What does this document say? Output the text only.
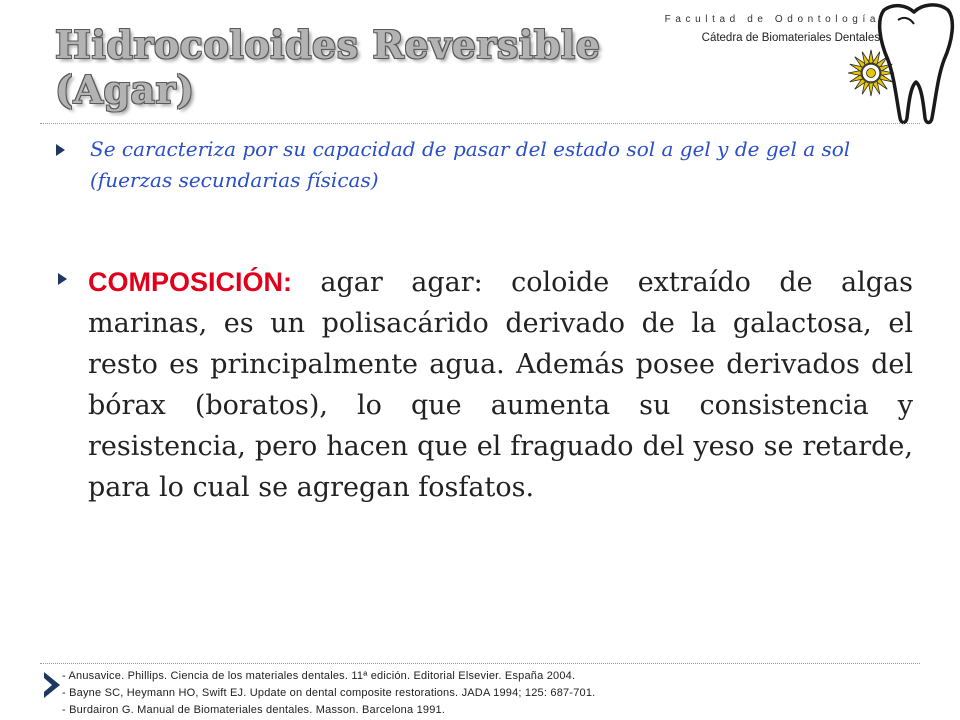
Hidrocoloides Reversible
(Agar)
Facultad de Odontología
Cátedra de Biomateriales Dentales

Se caracteriza por su capacidad de pasar del estado sol a gel y de gel a sol (fuerzas secundarias físicas)

COMPOSICIÓN: agar agar: coloide extraído de algas marinas, es un polisacárido derivado de la galactosa, el resto es principalmente agua. Además posee derivados del bórax (boratos), lo que aumenta su consistencia y resistencia, pero hacen que el fraguado del yeso se retarde, para lo cual se agregan fosfatos.

- Anusavice. Phillips. Ciencia de los materiales dentales. 11ª edición. Editorial Elsevier. España 2004.

- Bayne SC, Heymann HO, Swift EJ. Update on dental composite restorations. JADA 1994; 125: 687-701.

- Burdairon G. Manual de Biomateriales dentales. Masson. Barcelona 1991.
